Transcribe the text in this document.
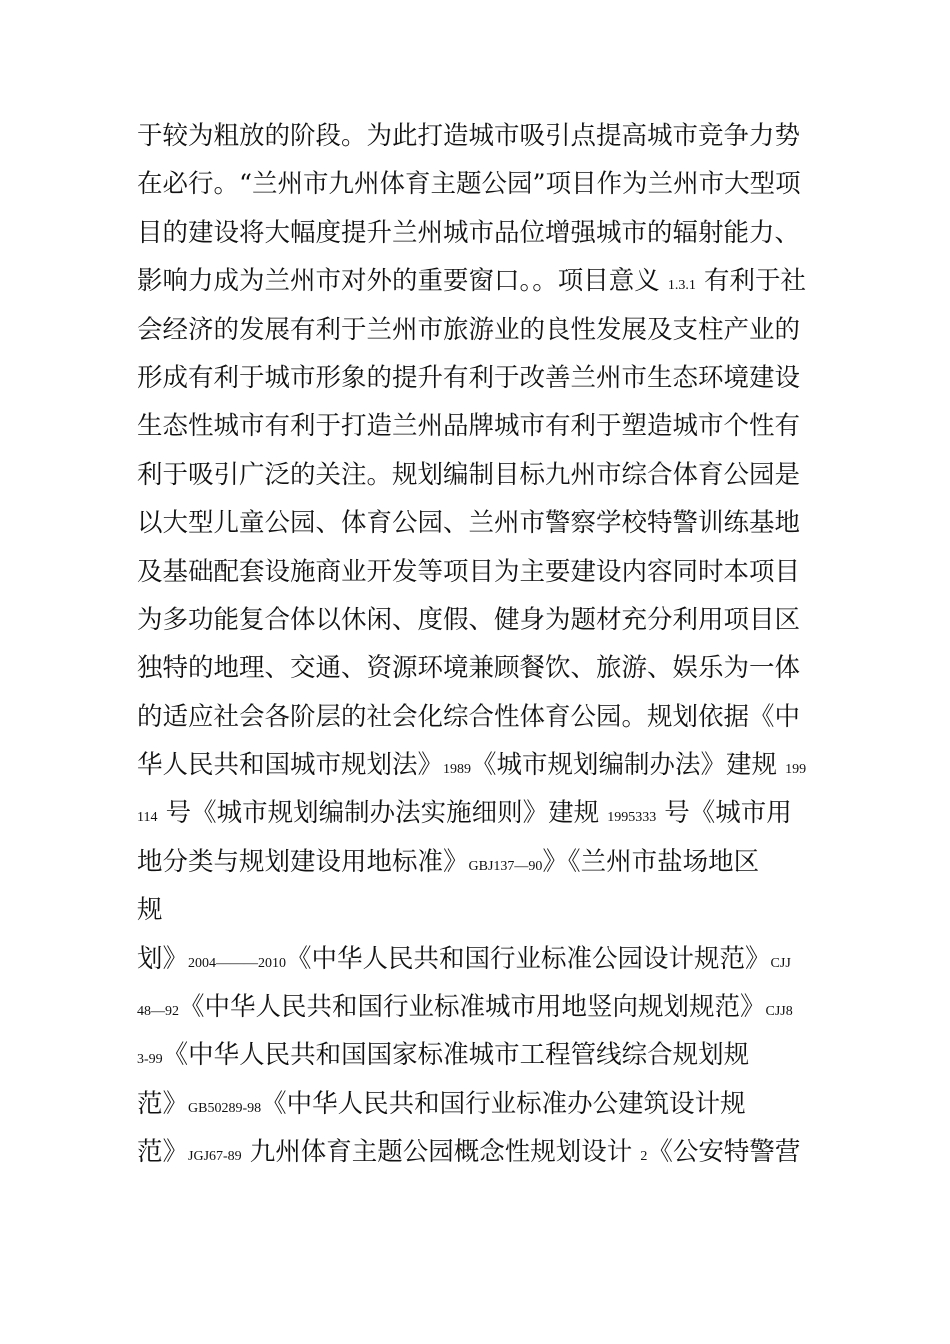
于较为粗放的阶段。为此打造城市吸引点提高城市竞争力势
在必行。“兰州市九州体育主题公园”项目作为兰州市大型项
目的建设将大幅度提升兰州城市品位增强城市的辐射能力、
影响力成为兰州市对外的重要窗口。。项目意义 1.3.1 有利于社
会经济的发展有利于兰州市旅游业的良性发展及支柱产业的
形成有利于城市形象的提升有利于改善兰州市生态环境建设
生态性城市有利于打造兰州品牌城市有利于塑造城市个性有
利于吸引广泛的关注。规划编制目标九州市综合体育公园是
以大型儿童公园、体育公园、兰州市警察学校特警训练基地
及基础配套设施商业开发等项目为主要建设内容同时本项目
为多功能复合体以休闲、度假、健身为题材充分利用项目区
独特的地理、交通、资源环境兼顾餐饮、旅游、娱乐为一体
的适应社会各阶层的社会化综合性体育公园。规划依据《中
华人民共和国城市规划法》1989《城市规划编制办法》建规 199
114 号《城市规划编制办法实施细则》建规 1995333 号《城市用
地分类与规划建设用地标准》GBJ137—90》《兰州市盐场地区
规
划》2004———2010《中华人民共和国行业标准公园设计规范》CJJ
48—92《中华人民共和国行业标准城市用地竖向规划规范》CJJ8
3-99《中华人民共和国国家标准城市工程管线综合规划规
范》GB50289-98《中华人民共和国行业标准办公建筑设计规
范》JGJ67-89 九州体育主题公园概念性规划设计 2《公安特警营
